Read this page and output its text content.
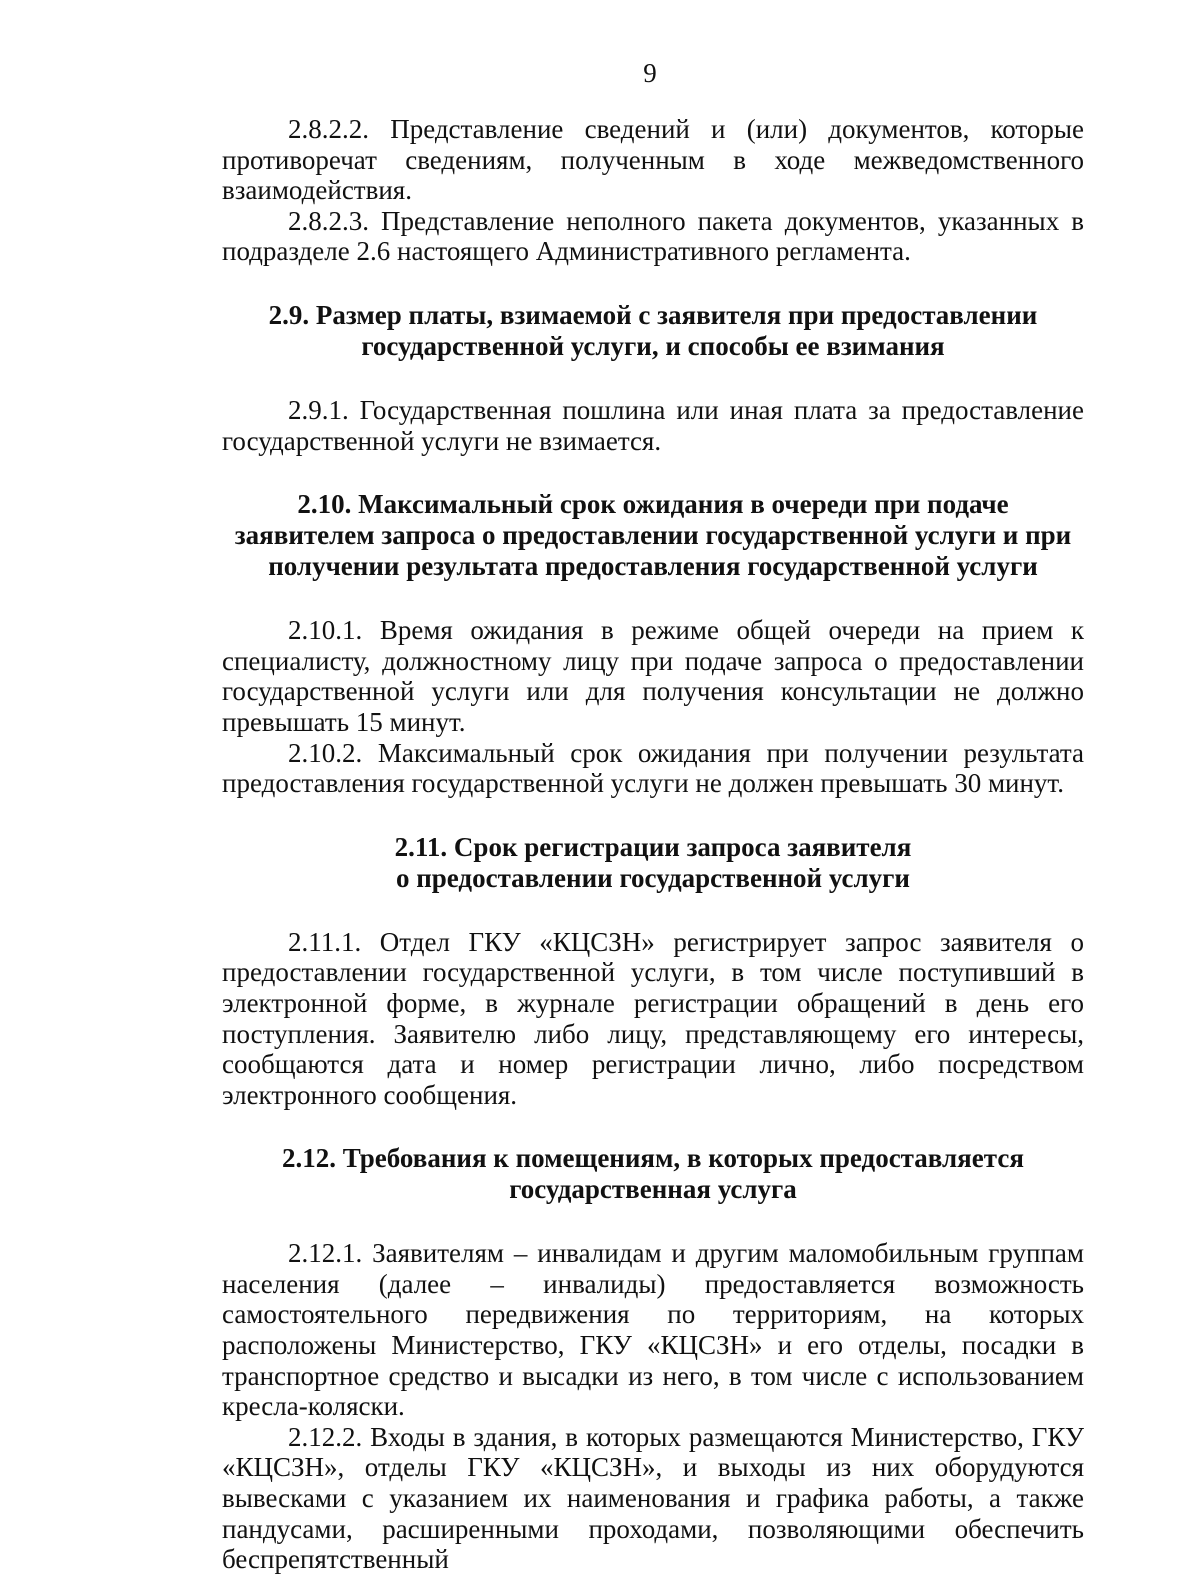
9

2.8.2.2. Представление сведений и (или) документов, которые противоречат сведениям, полученным в ходе межведомственного взаимодействия.

2.8.2.3. Представление неполного пакета документов, указанных в подразделе 2.6 настоящего Административного регламента.

2.9. Размер платы, взимаемой с заявителя при предоставлении
государственной услуги, и способы ее взимания

2.9.1. Государственная пошлина или иная плата за предоставление государственной услуги не взимается.

2.10. Максимальный срок ожидания в очереди при подаче
заявителем запроса о предоставлении государственной услуги и при
получении результата предоставления государственной услуги

2.10.1. Время ожидания в режиме общей очереди на прием к специалисту, должностному лицу при подаче запроса о предоставлении государственной услуги или для получения консультации не должно превышать 15 минут.

2.10.2. Максимальный срок ожидания при получении результата предоставления государственной услуги не должен превышать 30 минут.

2.11. Срок регистрации запроса заявителя
о предоставлении государственной услуги

2.11.1. Отдел ГКУ «КЦСЗН» регистрирует запрос заявителя о предоставлении государственной услуги, в том числе поступивший в электронной форме, в журнале регистрации обращений в день его поступления. Заявителю либо лицу, представляющему его интересы, сообщаются дата и номер регистрации лично, либо посредством электронного сообщения.

2.12. Требования к помещениям, в которых предоставляется
государственная услуга

2.12.1. Заявителям – инвалидам и другим маломобильным группам населения (далее – инвалиды) предоставляется возможность самостоятельного передвижения по территориям, на которых расположены Министерство, ГКУ «КЦСЗН» и его отделы, посадки в транспортное средство и высадки из него, в том числе с использованием кресла-коляски.

2.12.2. Входы в здания, в которых размещаются Министерство, ГКУ «КЦСЗН», отделы ГКУ «КЦСЗН», и выходы из них оборудуются вывесками с указанием их наименования и графика работы, а также пандусами, расширенными проходами, позволяющими обеспечить беспрепятственный
